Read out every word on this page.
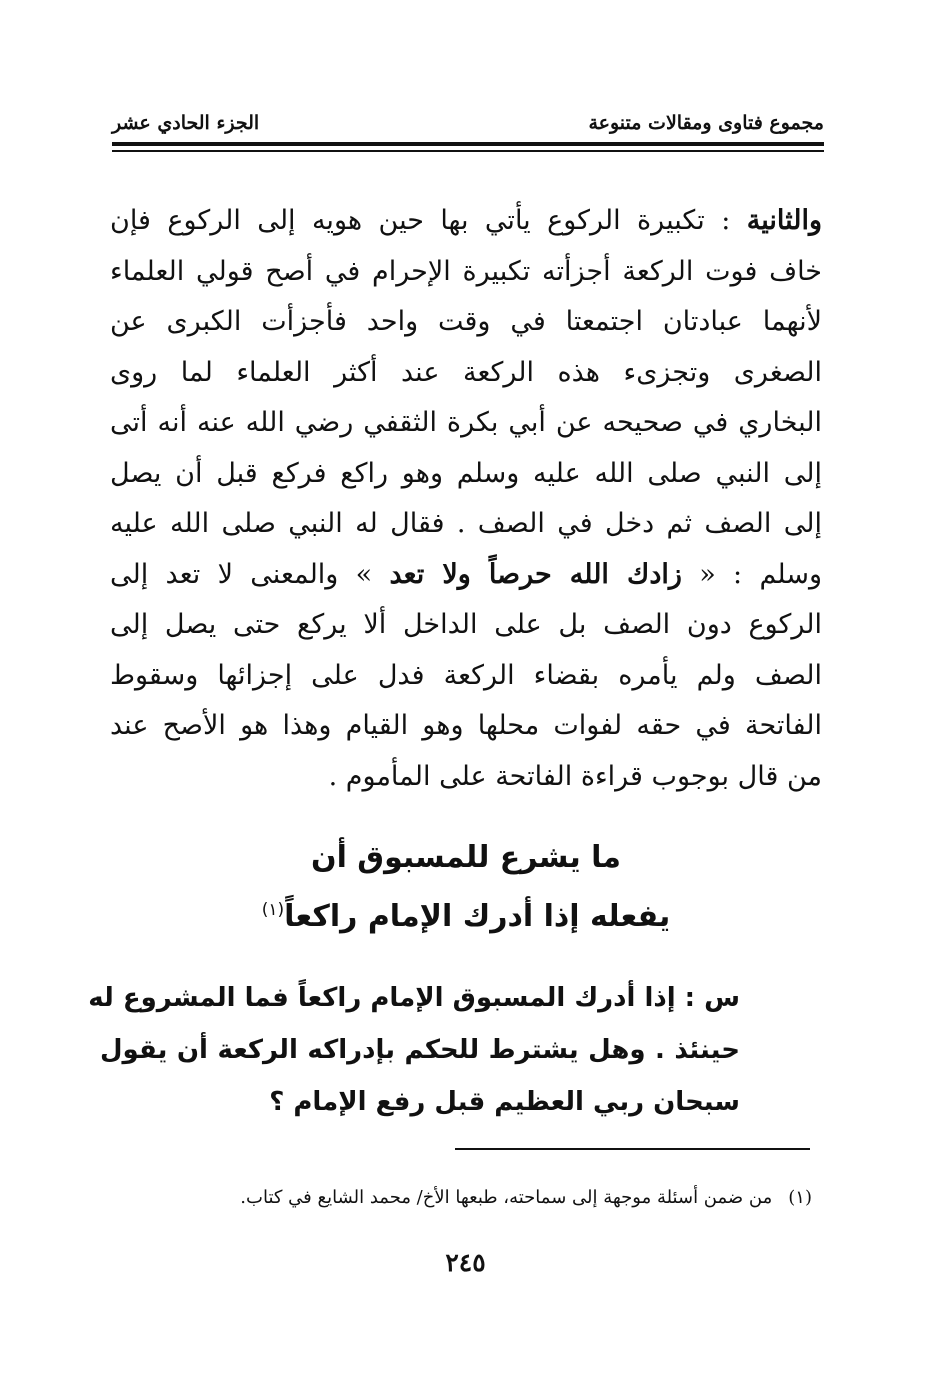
مجموع فتاوى ومقالات متنوعة
الجزء الحادي عشر
والثانية : تكبيرة الركوع يأتي بها حين هويه إلى الركوع فإن
خاف فوت الركعة أجزأته تكبيرة الإحرام في أصح قولي العلماء
لأنهما عبادتان اجتمعتا في وقت واحد فأجزأت الكبرى عن
الصغرى وتجزىء هذه الركعة عند أكثر العلماء لما روى
البخاري في صحيحه عن أبي بكرة الثقفي رضي الله عنه أنه أتى
إلى النبي صلى الله عليه وسلم وهو راكع فركع قبل أن يصل
إلى الصف ثم دخل في الصف . فقال له النبي صلى الله عليه
وسلم : « زادك الله حرصاً ولا تعد » والمعنى لا تعد إلى
الركوع دون الصف بل على الداخل ألا يركع حتى يصل إلى
الصف ولم يأمره بقضاء الركعة فدل على إجزائها وسقوط
الفاتحة في حقه لفوات محلها وهو القيام وهذا هو الأصح عند
من قال بوجوب قراءة الفاتحة على المأموم .
ما يشرع للمسبوق أن
يفعله إذا أدرك الإمام راكعاً$^{(١)}$
س : إذا أدرك المسبوق الإمام راكعاً فما المشروع له
حينئذ . وهل يشترط للحكم بإدراكه الركعة أن يقول
سبحان ربي العظيم قبل رفع الإمام ؟
(١)من ضمن أسئلة موجهة إلى سماحته، طبعها الأخ/ محمد الشايع في كتاب.
٢٤٥
